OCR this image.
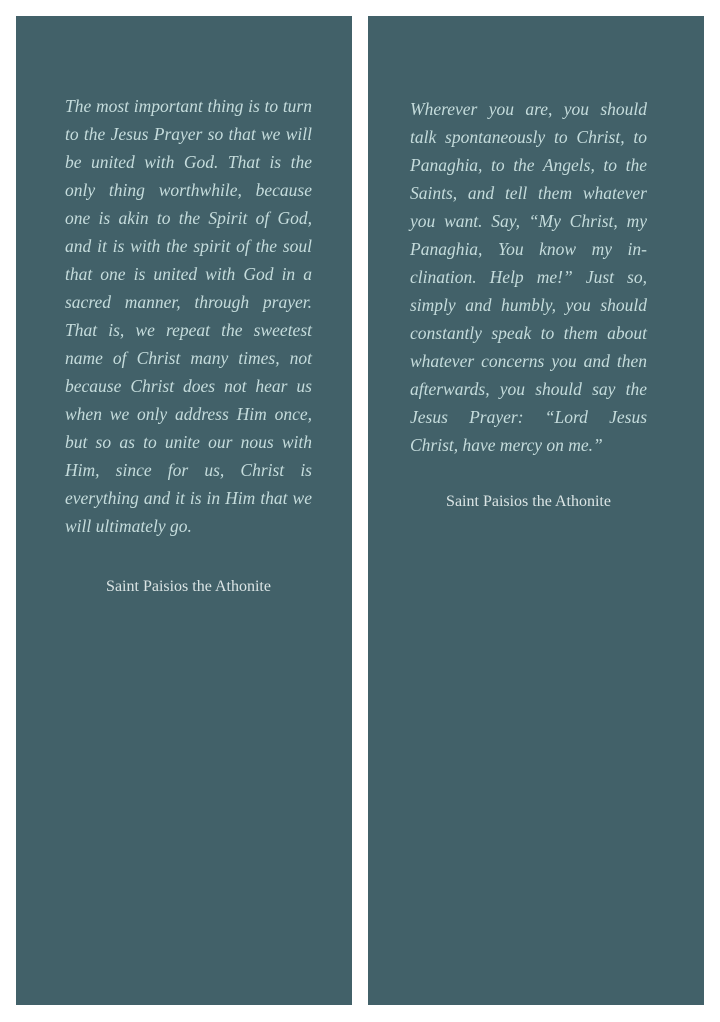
The most important thing is to turn to the Jesus Prayer so that we will be united with God. That is the only thing worthwhile, because one is akin to the Spirit of God, and it is with the spirit of the soul that one is united with God in a sacred manner, through prayer. That is, we repeat the sweetest name of Christ many times, not because Christ does not hear us when we only address Him once, but so as to unite our nous with Him, since for us, Christ is everything and it is in Him that we will ultimately go.

Saint Paisios the Athonite

Wherever you are, you should talk spontaneously to Christ, to Panaghia, to the Angels, to the Saints, and tell them whatever you want. Say, “My Christ, my Panaghia, You know my inclination. Help me!” Just so, simply and humbly, you should constantly speak to them about whatever concerns you and then afterwards, you should say the Jesus Prayer: “Lord Jesus Christ, have mercy on me.”

Saint Paisios the Athonite
